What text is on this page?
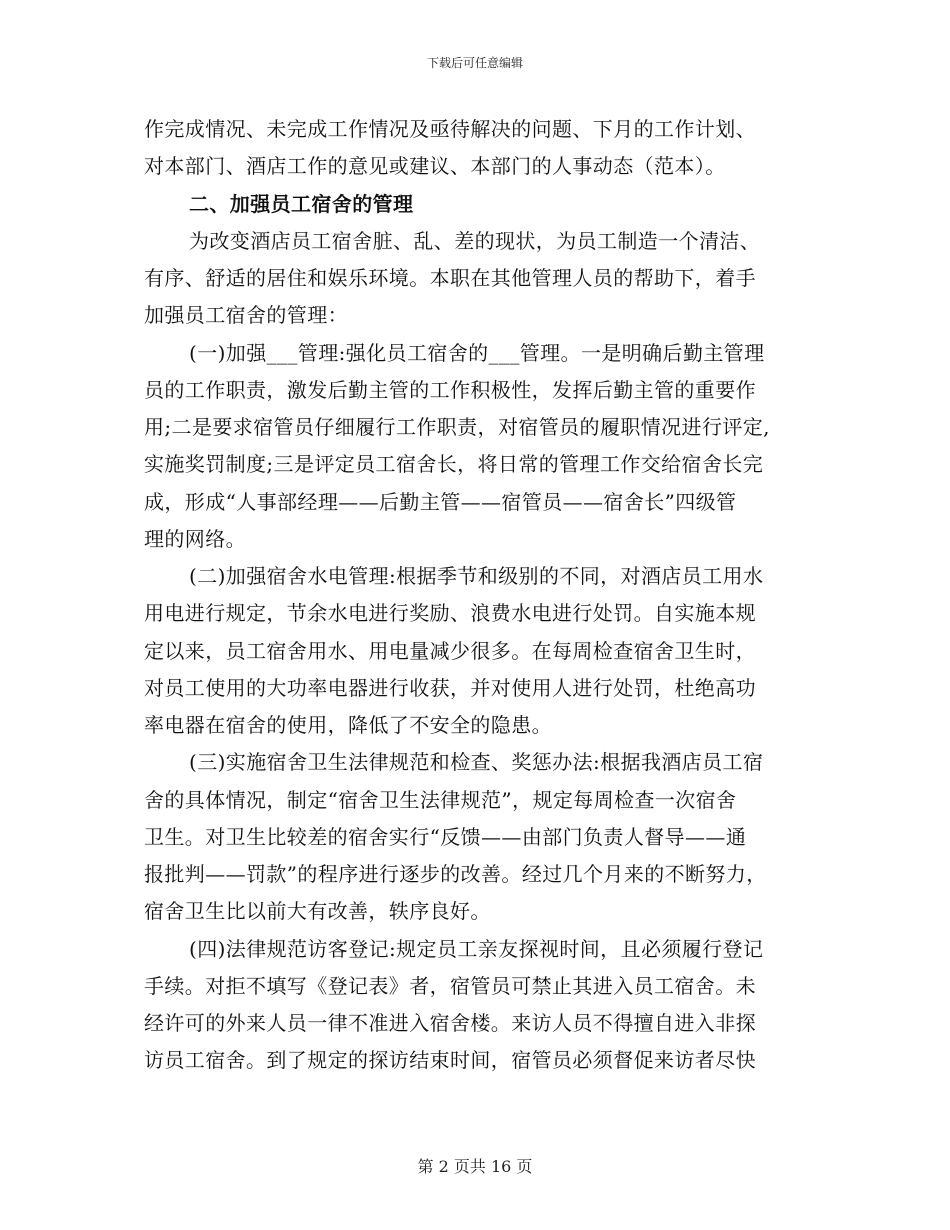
下载后可任意编辑
作完成情况、未完成工作情况及亟待解决的问题、下月的工作计划、
对本部门、酒店工作的意见或建议、本部门的人事动态（范本）。
二、加强员工宿舍的管理
为改变酒店员工宿舍脏、乱、差的现状，为员工制造一个清洁、
有序、舒适的居住和娱乐环境。本职在其他管理人员的帮助下，着手
加强员工宿舍的管理：
(一)加强___管理:强化员工宿舍的___管理。一是明确后勤主管理
员的工作职责，激发后勤主管的工作积极性，发挥后勤主管的重要作
用;二是要求宿管员仔细履行工作职责，对宿管员的履职情况进行评定,
实施奖罚制度;三是评定员工宿舍长，将日常的管理工作交给宿舍长完
成，形成“人事部经理——后勤主管——宿管员——宿舍长”四级管
理的网络。
(二)加强宿舍水电管理:根据季节和级别的不同，对酒店员工用水
用电进行规定，节余水电进行奖励、浪费水电进行处罚。自实施本规
定以来，员工宿舍用水、用电量减少很多。在每周检查宿舍卫生时，
对员工使用的大功率电器进行收获，并对使用人进行处罚，杜绝高功
率电器在宿舍的使用，降低了不安全的隐患。
(三)实施宿舍卫生法律规范和检查、奖惩办法:根据我酒店员工宿
舍的具体情况，制定“宿舍卫生法律规范”，规定每周检查一次宿舍
卫生。对卫生比较差的宿舍实行“反馈——由部门负责人督导——通
报批判——罚款”的程序进行逐步的改善。经过几个月来的不断努力，
宿舍卫生比以前大有改善，轶序良好。
(四)法律规范访客登记:规定员工亲友探视时间，且必须履行登记
手续。对拒不填写《登记表》者，宿管员可禁止其进入员工宿舍。未
经许可的外来人员一律不准进入宿舍楼。来访人员不得擅自进入非探
访员工宿舍。到了规定的探访结束时间，宿管员必须督促来访者尽快
第 2 页共 16 页
